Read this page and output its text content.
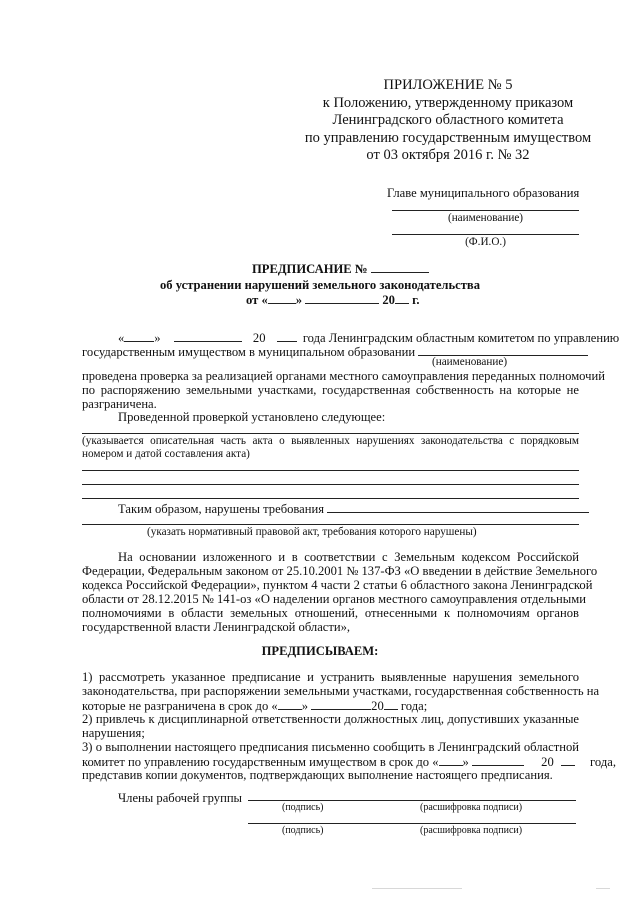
ПРИЛОЖЕНИЕ № 5
к Положению, утвержденному приказом
Ленинградского областного комитета
по управлению государственным имуществом
от 03 октября 2016 г. № 32
Главе муниципального образования
(наименование)
(Ф.И.О.)
ПРЕДПИСАНИЕ №
об устранении нарушений земельного законодательства
от « »	20 г.
« »	20	года Ленинградским областным комитетом по управлению
государственным имуществом в муниципальном образовании
(наименование)
проведена проверка за реализацией органами местного самоуправления переданных полномочий
по распоряжению земельными участками, государственная собственность на которые не
разграничена.
Проведенной проверкой установлено следующее:
(указывается описательная часть акта о выявленных нарушениях законодательства с порядковым
номером и датой составления акта)
Таким образом, нарушены требования
(указать нормативный правовой акт, требования которого нарушены)
На основании изложенного и в соответствии с Земельным кодексом Российской
Федерации, Федеральным законом от 25.10.2001 № 137-ФЗ «О введении в действие Земельного
кодекса Российской Федерации», пунктом 4 части 2 статьи 6 областного закона Ленинградской
области от 28.12.2015 № 141-оз «О наделении органов местного самоуправления отдельными
полномочиями в области земельных отношений, отнесенными к полномочиям органов
государственной власти Ленинградской области»,
ПРЕДПИСЫВАЕМ:
1) рассмотреть указанное предписание и устранить выявленные нарушения земельного
законодательства, при распоряжении земельными участками, государственная собственность на
которые не разграничена в срок до « »	20 года;
2) привлечь к дисциплинарной ответственности должностных лиц, допустивших указанные
нарушения;
3) о выполнении настоящего предписания письменно сообщить в Ленинградский областной
комитет по управлению государственным имуществом в срок до « »	20	года,
представив копии документов, подтверждающих выполнение настоящего предписания.
Члены рабочей группы
(подпись)	(расшифровка подписи)
(подпись)	(расшифровка подписи)
